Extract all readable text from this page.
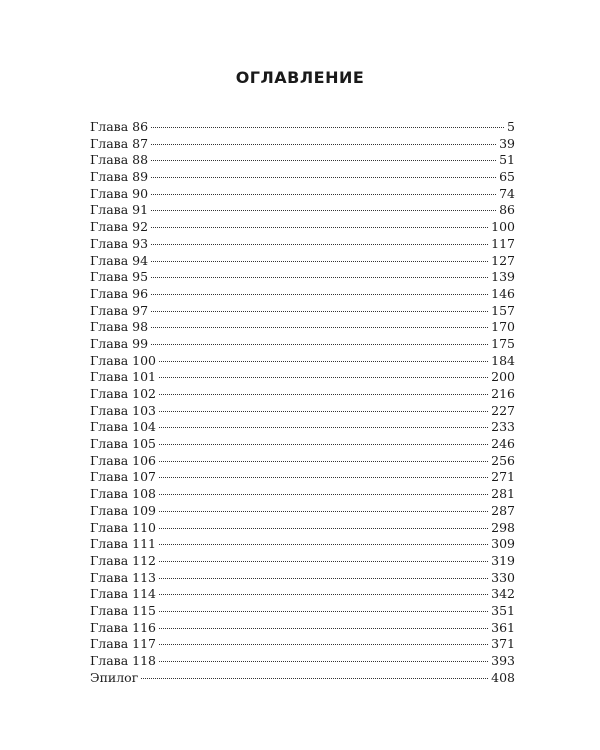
ОГЛАВЛЕНИЕ
Глава 86	5
Глава 87	39
Глава 88	51
Глава 89	65
Глава 90	74
Глава 91	86
Глава 92	100
Глава 93	117
Глава 94	127
Глава 95	139
Глава 96	146
Глава 97	157
Глава 98	170
Глава 99	175
Глава 100	184
Глава 101	200
Глава 102	216
Глава 103	227
Глава 104	233
Глава 105	246
Глава 106	256
Глава 107	271
Глава 108	281
Глава 109	287
Глава 110	298
Глава 111	309
Глава 112	319
Глава 113	330
Глава 114	342
Глава 115	351
Глава 116	361
Глава 117	371
Глава 118	393
Эпилог	408
